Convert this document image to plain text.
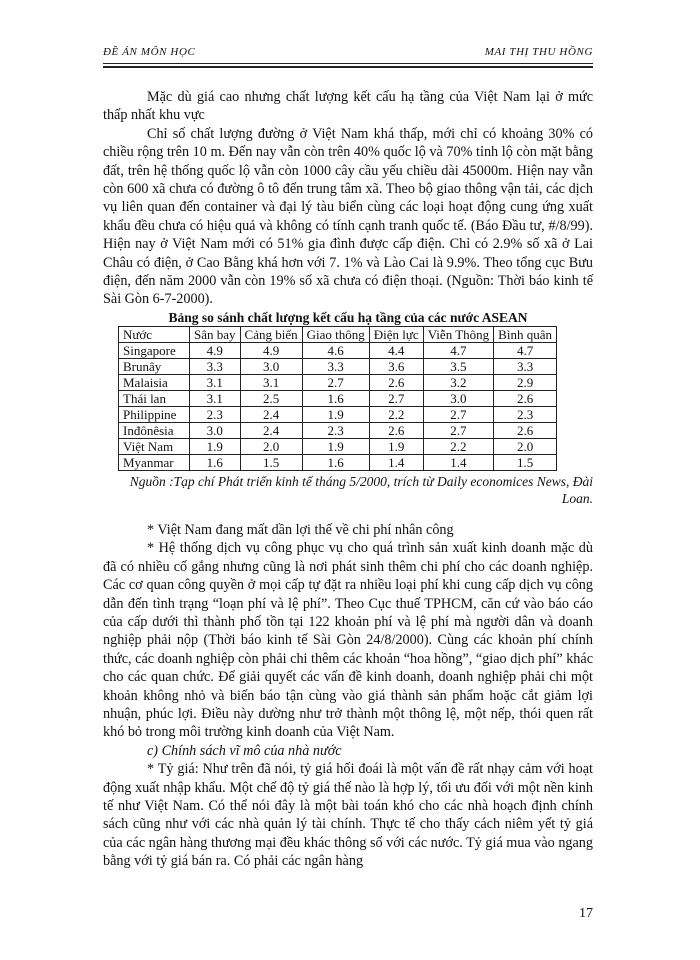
ĐỀ ÁN MÔN HỌC	MAI THỊ THU HỒNG

Mặc dù giá cao nhưng chất lượng kết cấu hạ tầng của Việt Nam lại ở mức thấp nhất khu vực

Chỉ số chất lượng đường ở Việt Nam khá thấp, mới chỉ có khoảng 30% có chiều rộng trên 10 m. Đến nay vẫn còn trên 40% quốc lộ và 70% tỉnh lộ còn mặt bằng đất, trên hệ thống quốc lộ vẫn còn 1000 cây cầu yếu chiều dài 45000m. Hiện nay vẫn còn 600 xã chưa có đường ô tô đến trung tâm xã. Theo bộ giao thông vận tải, các dịch vụ liên quan đến container và đại lý tàu biển cùng các loại hoạt động cung ứng xuất khẩu đều chưa có hiệu quả và không có tính cạnh tranh quốc tế. (Báo Đầu tư, #/8/99). Hiện nay ở Việt Nam mới có 51% gia đình được cấp điện. Chỉ có 2.9% số xã ở Lai Châu có điện, ở Cao Bằng khá hơn với 7. 1% và Lào Cai là 9.9%. Theo tổng cục Bưu điện, đến năm 2000 vẫn còn 19% số xã chưa có điện thoại. (Nguồn: Thời báo kinh tế Sài Gòn 6-7-2000).

Bảng so sánh chất lượng kết cấu hạ tầng của các nước ASEAN
Nước	Sân bay	Cảng biển	Giao thông	Điện lực	Viễn Thông	Bình quân
Singapore	4.9	4.9	4.6	4.4	4.7	4.7
Brunây	3.3	3.0	3.3	3.6	3.5	3.3
Malaisia	3.1	3.1	2.7	2.6	3.2	2.9
Thái lan	3.1	2.5	1.6	2.7	3.0	2.6
Philippine	2.3	2.4	1.9	2.2	2.7	2.3
Inđônêsia	3.0	2.4	2.3	2.6	2.7	2.6
Việt Nam	1.9	2.0	1.9	1.9	2.2	2.0
Myanmar	1.6	1.5	1.6	1.4	1.4	1.5
Nguồn :Tạp chí Phát triển kinh tế tháng 5/2000, trích từ Daily economices News, Đài Loan.

* Việt Nam đang mất dần lợi thế về chi phí nhân công

* Hệ thống dịch vụ công phục vụ cho quá trình sản xuất kinh doanh mặc dù đã có nhiều cố gắng nhưng cũng là nơi phát sinh thêm chi phí cho các doanh nghiệp. Các cơ quan công quyền ở mọi cấp tự đặt ra nhiều loại phí khi cung cấp dịch vụ công dẫn đến tình trạng “loạn phí và lệ phí”. Theo Cục thuế TPHCM, căn cứ vào báo cáo của cấp dưới thì thành phố tồn tại 122 khoản phí và lệ phí mà người dân và doanh nghiệp phải nộp (Thời báo kinh tế Sài Gòn 24/8/2000). Cùng các khoản phí chính thức, các doanh nghiệp còn phải chi thêm các khoản “hoa hồng”, “giao dịch phí” khác cho các quan chức. Để giải quyết các vấn đề kinh doanh, doanh nghiệp phải chi một khoản không nhỏ và biến báo tận cùng vào giá thành sản phẩm hoặc cắt giảm lợi nhuận, phúc lợi. Điều này dường như trở thành một thông lệ, một nếp, thói quen rất khó bỏ trong môi trường kinh doanh của Việt Nam.

c) Chính sách vĩ mô của nhà nước

* Tỷ giá: Như trên đã nói, tỷ giá hối đoái là một vấn đề rất nhạy cảm với hoạt động xuất nhập khẩu. Một chế độ tỷ giá thế nào là hợp lý, tối ưu đối với một nền kinh tế như Việt Nam. Có thể nói đây là một bài toán khó cho các nhà hoạch định chính sách cũng như với các nhà quản lý tài chính. Thực tế cho thấy cách niêm yết tỷ giá của các ngân hàng thương mại đều khác thông số với các nước. Tỷ giá mua vào ngang bằng với tỷ giá bán ra. Có phải các ngân hàng

17
